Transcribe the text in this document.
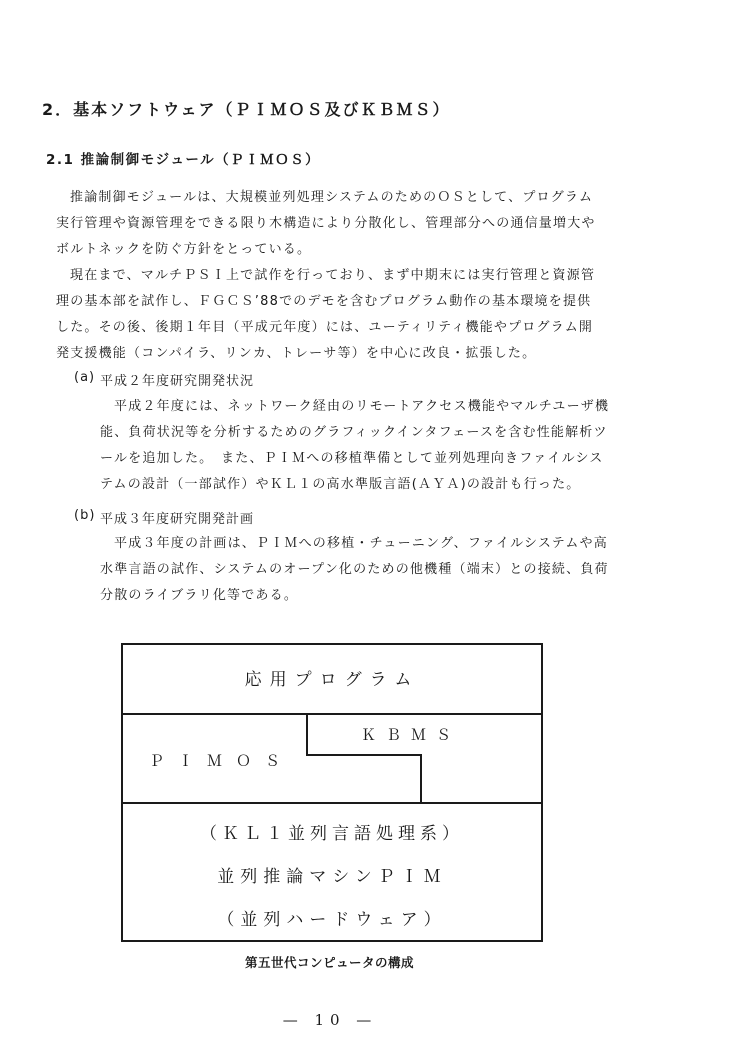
2．基本ソフトウェア（ＰＩＭＯＳ及びＫＢＭＳ）

2.1 推論制御モジュール（ＰＩＭＯＳ）

推論制御モジュールは、大規模並列処理システムのためのＯＳとして、プログラム

実行管理や資源管理をできる限り木構造により分散化し、管理部分への通信量増大や

ボルトネックを防ぐ方針をとっている。

現在まで、マルチＰＳＩ上で試作を行っており、まず中期末には実行管理と資源管

理の基本部を試作し、ＦＧＣＳ’88でのデモを含むプログラム動作の基本環境を提供

した。その後、後期１年目（平成元年度）には、ユーティリティ機能やプログラム開

発支援機能（コンパイラ、リンカ、トレーサ等）を中心に改良・拡張した。

(a) 平成２年度研究開発状況

平成２年度には、ネットワーク経由のリモートアクセス機能やマルチユーザ機

能、負荷状況等を分析するためのグラフィックインタフェースを含む性能解析ツ

ールを追加した。　また、ＰＩＭへの移植準備として並列処理向きファイルシス

テムの設計（一部試作）やＫＬ１の高水準版言語(ＡＹＡ)の設計も行った。

(b) 平成３年度研究開発計画

平成３年度の計画は、ＰＩＭへの移植・チューニング、ファイルシステムや高

水準言語の試作、システムのオープン化のための他機種（端末）との接続、負荷

分散のライブラリ化等である。

応用プログラム
ＫＢＭＳ
ＰＩＭＯＳ
（ＫＬ１並列言語処理系）
並列推論マシンＰＩＭ
（並列ハードウェア）

第五世代コンピュータの構成

— 10 —
